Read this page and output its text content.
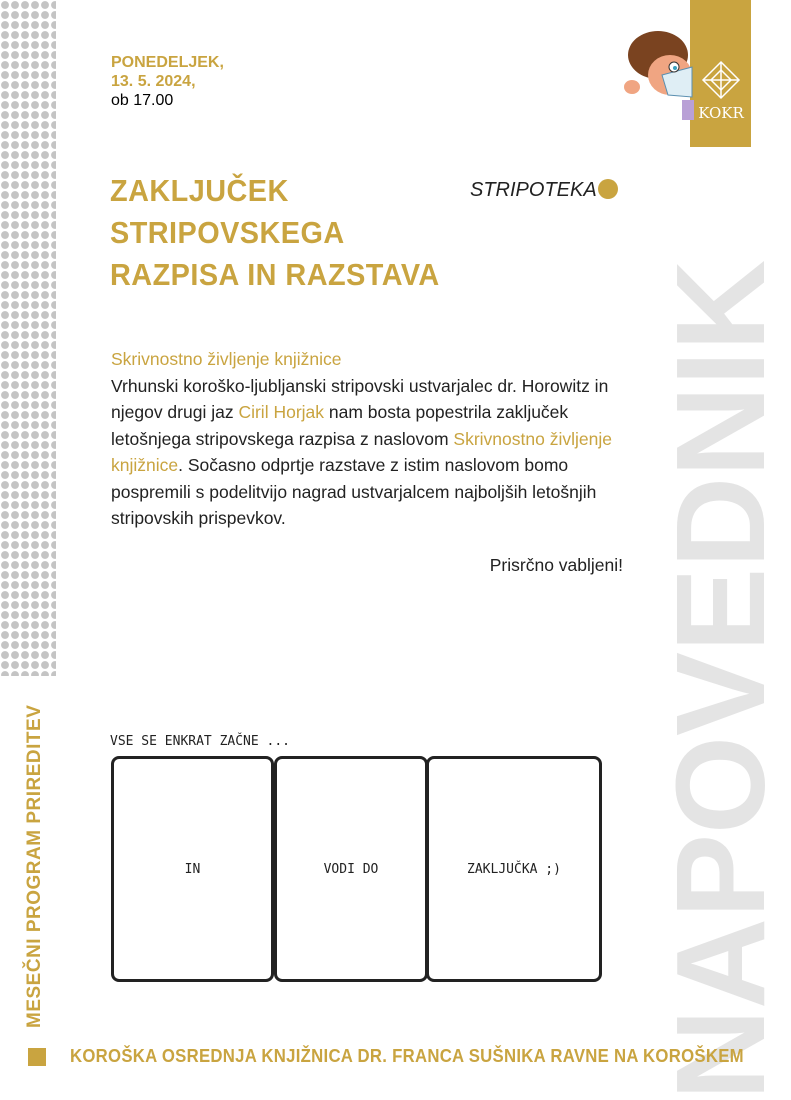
NAPOVEDNIK
KOKR
PONEDELJEK,
13. 5. 2024,
ob 17.00
ZAKLJUČEK
STRIPOVSKEGA
RAZPISA IN RAZSTAVA
STRIPOTEKA
Skrivnostno življenje knjižnice
Vrhunski koroško-ljubljanski stripovski ustvarjalec dr. Horowitz in njegov drugi jaz Ciril Horjak nam bosta popestrila zaključek letošnjega stripovskega razpisa z naslovom Skrivnostno življenje knjižnice. Sočasno odprtje razstave z istim naslovom bomo pospremili s podelitvijo nagrad ustvarjalcem najboljših letošnjih stripovskih prispevkov.
Prisrčno vabljeni!
VSE SE ENKRAT ZAČNE ...
IN	VODI DO	ZAKLJUČKA ;)
MESEČNI PROGRAM PRIREDITEV
KOROŠKA OSREDNJA KNJIŽNICA DR. FRANCA SUŠNIKA RAVNE NA KOROŠKEM
